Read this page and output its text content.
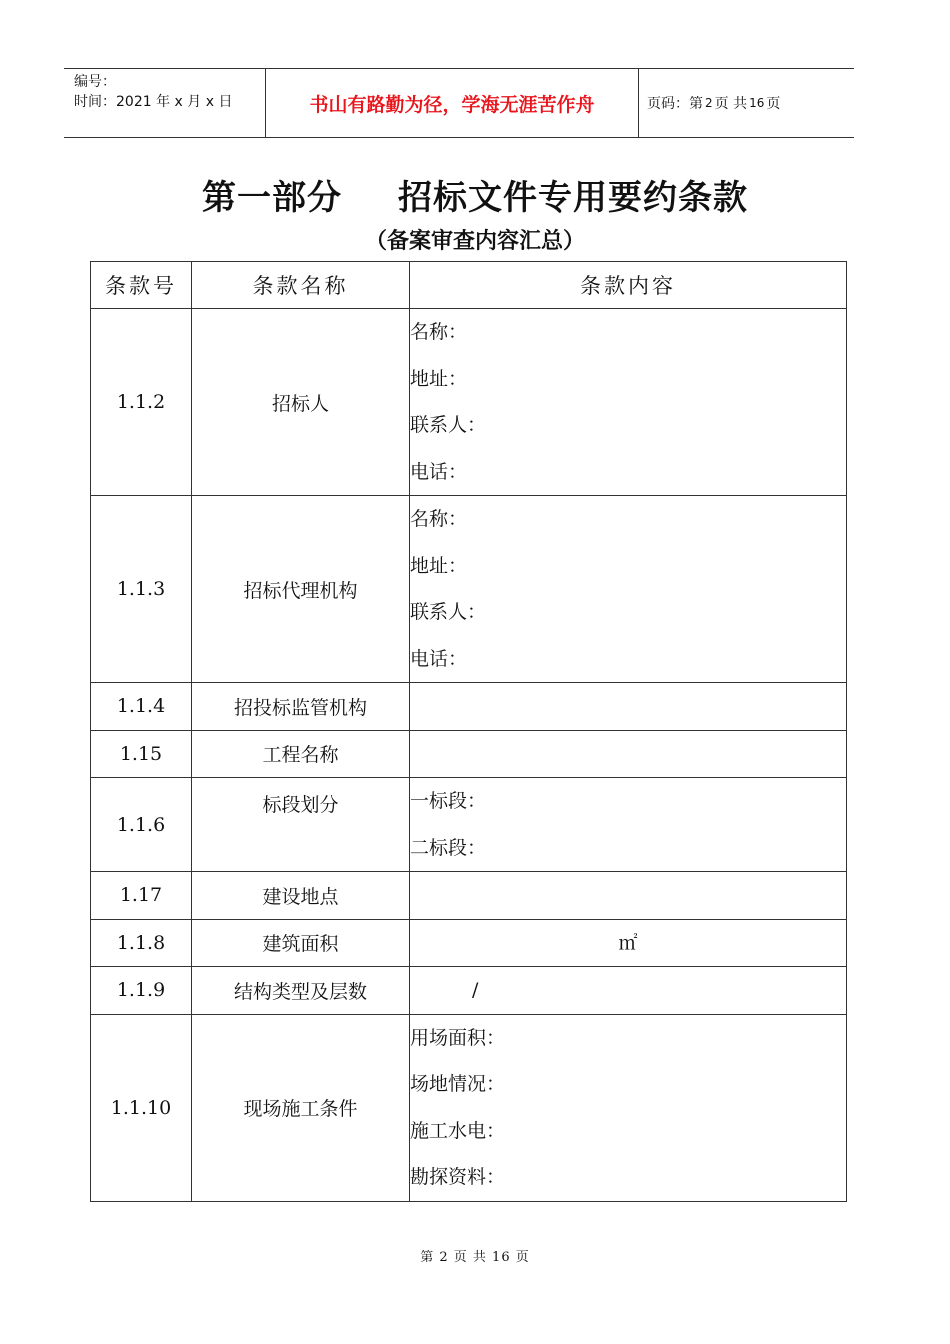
编号：
时间：2021 年 x 月 x 日	书山有路勤为径，学海无涯苦作舟	页码：第 2 页 共 16 页
第一部分 招标文件专用要约条款
（备案审查内容汇总）
条款号	条款名称	条款内容
1.1.2	招标人	名称：
地址：
联系人：
电话：

1.1.3	招标代理机构	名称：
地址：
联系人：
电话：

1.1.4	招投标监管机构	

1.15	工程名称	

1.1.6	标段划分	一标段：
二标段：

1.17	建设地点	

1.1.8	建筑面积	㎡

1.1.9	结构类型及层数	/

1.1.10	现场施工条件	用场面积：
场地情况：
施工水电：
勘探资料：
第 2 页 共 16 页
